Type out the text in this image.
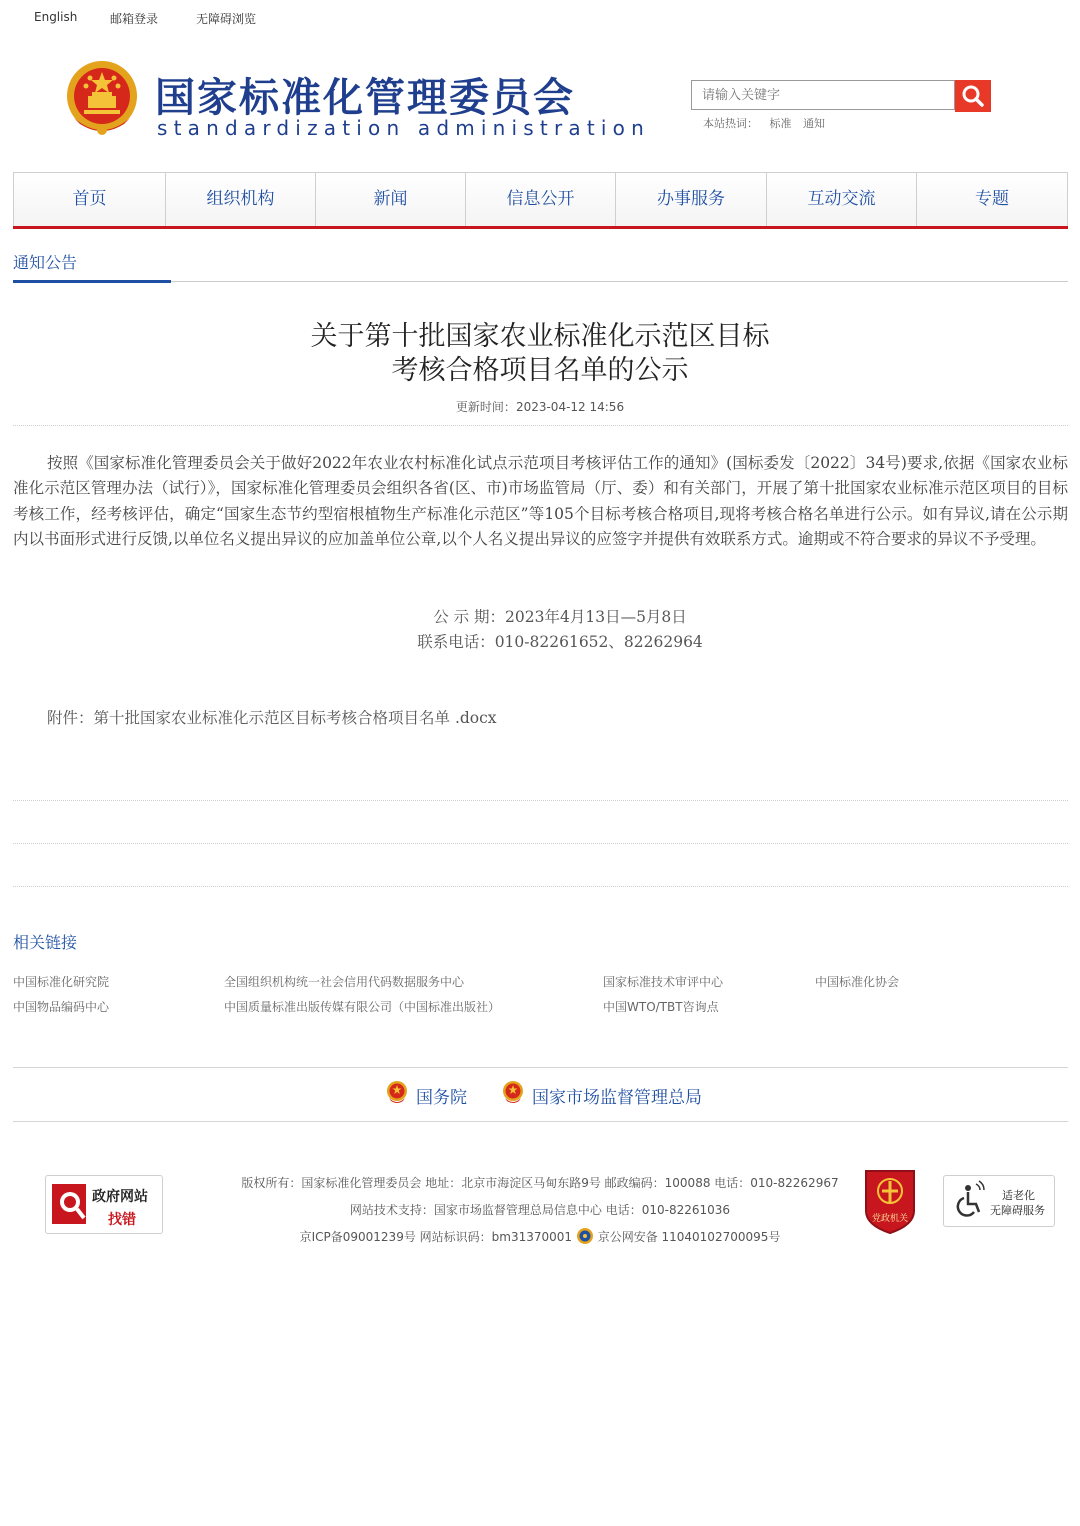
English	邮箱登录	无障碍浏览
国家标准化管理委员会
standardization administration
请输入关键字	本站热词： 标准 通知
首页	组织机构	新闻	信息公开	办事服务	互动交流	专题
通知公告
关于第十批国家农业标准化示范区目标
考核合格项目名单的公示
更新时间：2023-04-12 14:56
按照《国家标准化管理委员会关于做好2022年农业农村标准化试点示范项目考核评估工作的通知》(国标委发〔2022〕34号)要求,依据《国家农业标准化示范区管理办法（试行）》，国家标准化管理委员会组织各省(区、市)市场监管局（厅、委）和有关部门，开展了第十批国家农业标准示范区项目的目标考核工作，经考核评估，确定“国家生态节约型宿根植物生产标准化示范区”等105个目标考核合格项目,现将考核合格名单进行公示。如有异议,请在公示期内以书面形式进行反馈,以单位名义提出异议的应加盖单位公章,以个人名义提出异议的应签字并提供有效联系方式。逾期或不符合要求的异议不予受理。
公 示 期：2023年4月13日—5月8日
联系电话：010-82261652、82262964
附件：第十批国家农业标准化示范区目标考核合格项目名单 .docx
相关链接
中国标准化研究院	全国组织机构统一社会信用代码数据服务中心	国家标准技术审评中心	中国标准化协会
中国物品编码中心	中国质量标准出版传媒有限公司（中国标准出版社）	中国WTO/TBT咨询点
国务院	国家市场监督管理总局
政府网站
找错
版权所有：国家标准化管理委员会 地址：北京市海淀区马甸东路9号 邮政编码：100088 电话：010-82262967
网站技术支持：国家市场监督管理总局信息中心 电话：010-82261036
京ICP备09001239号 网站标识码：bm31370001 京公网安备 11040102700095号
党政机关
适老化
无障碍服务
